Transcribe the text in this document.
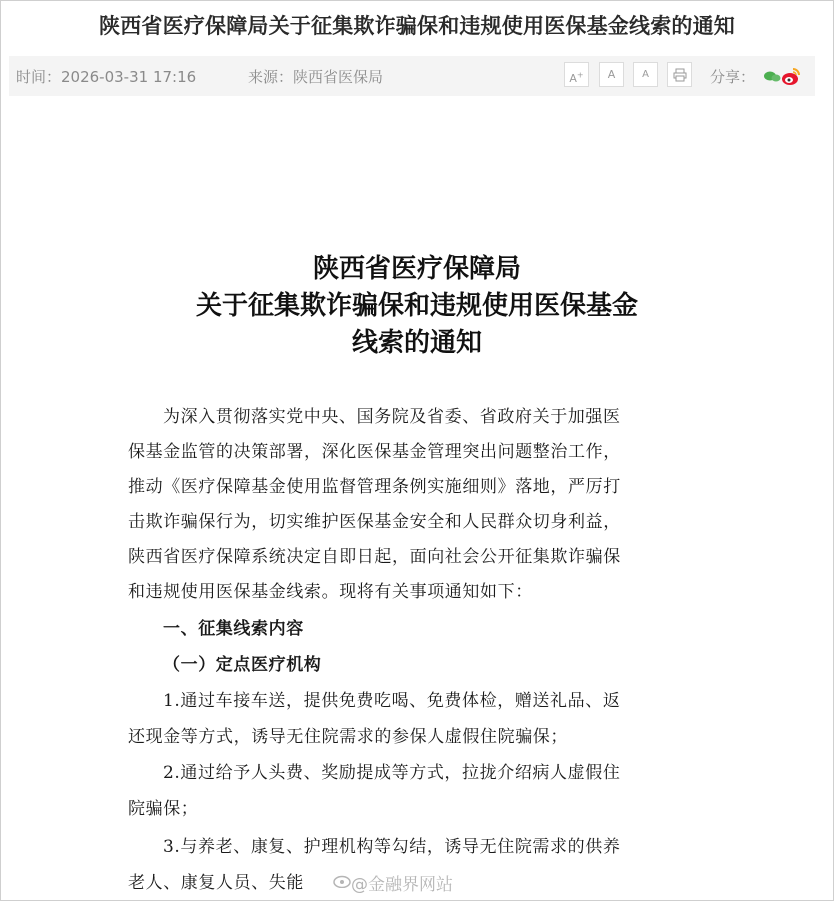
陕西省医疗保障局关于征集欺诈骗保和违规使用医保基金线索的通知
时间：2026-03-31 17:16	来源：陕西省医保局	A+	A	A	分享：
陕西省医疗保障局
关于征集欺诈骗保和违规使用医保基金
线索的通知
为深入贯彻落实党中央、国务院及省委、省政府关于加强医
保基金监管的决策部署，深化医保基金管理突出问题整治工作，
推动《医疗保障基金使用监督管理条例实施细则》落地，严厉打
击欺诈骗保行为，切实维护医保基金安全和人民群众切身利益，
陕西省医疗保障系统决定自即日起，面向社会公开征集欺诈骗保
和违规使用医保基金线索。现将有关事项通知如下：
一、征集线索内容
（一）定点医疗机构
1.通过车接车送，提供免费吃喝、免费体检，赠送礼品、返
还现金等方式，诱导无住院需求的参保人虚假住院骗保；
2.通过给予人头费、奖励提成等方式，拉拢介绍病人虚假住
院骗保；
3.与养老、康复、护理机构等勾结，诱导无住院需求的供养
老人、康复人员、失能	@金融界网站
